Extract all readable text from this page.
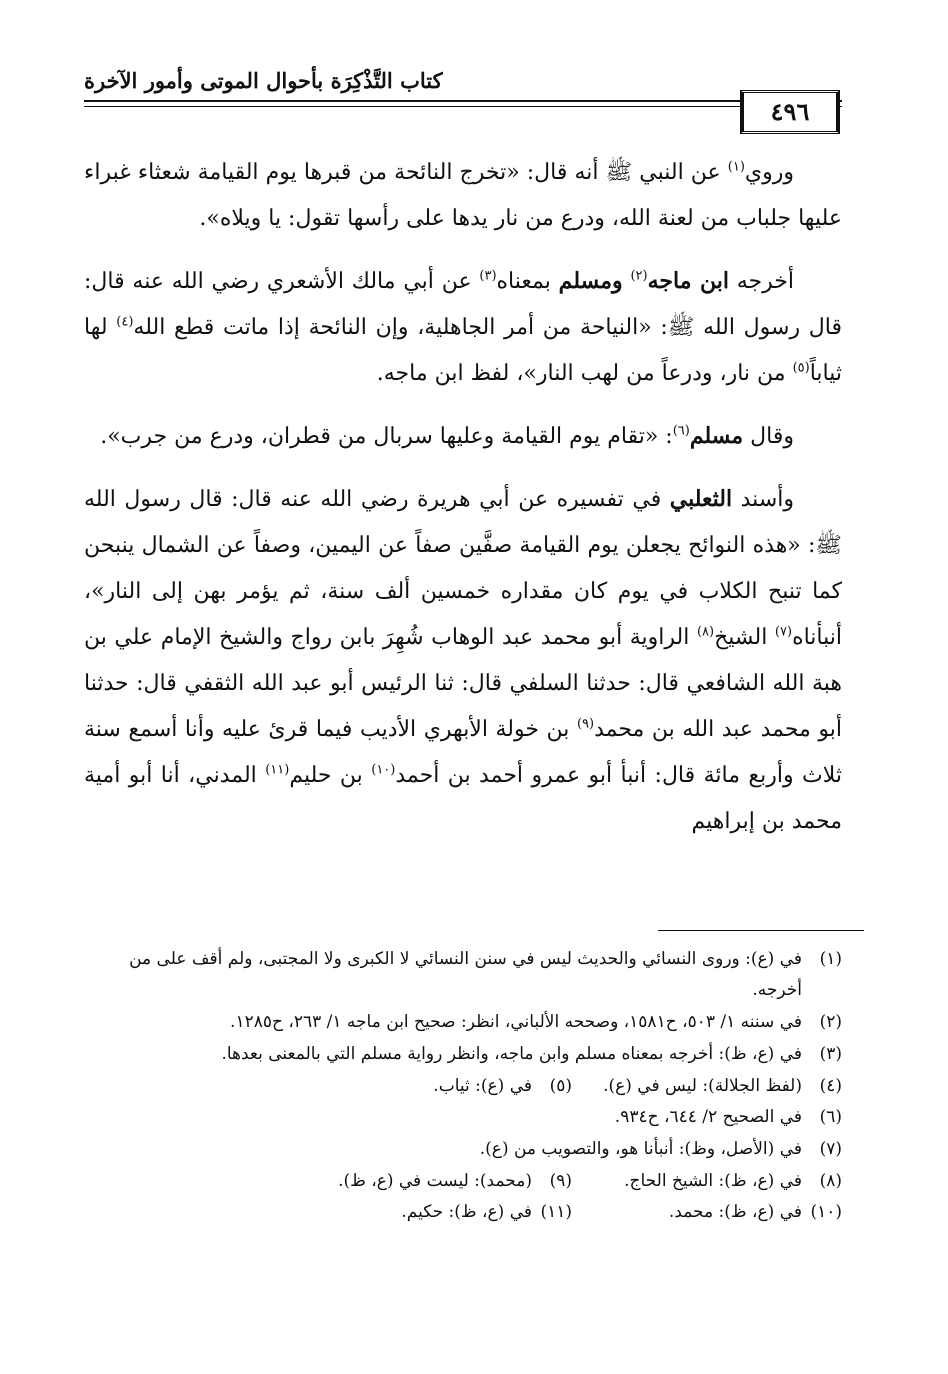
كتاب التَّذْكِرَة بأحوال الموتى وأمور الآخرة
٤٩٦

وروي$^{(١)}$ عن النبي ﷺ أنه قال: «تخرج النائحة من قبرها يوم القيامة شعثاء غبراء عليها جلباب من لعنة الله، ودرع من نار يدها على رأسها تقول: يا ويلاه».

أخرجه ابن ماجه$^{(٢)}$ ومسلم بمعناه$^{(٣)}$ عن أبي مالك الأشعري رضي الله عنه قال: قال رسول الله ﷺ: «النياحة من أمر الجاهلية، وإن النائحة إذا ماتت قطع الله$^{(٤)}$ لها ثياباً$^{(٥)}$ من نار، ودرعاً من لهب النار»، لفظ ابن ماجه.

وقال مسلم$^{(٦)}$: «تقام يوم القيامة وعليها سربال من قطران، ودرع من جرب».

وأسند الثعلبي في تفسيره عن أبي هريرة رضي الله عنه قال: قال رسول الله ﷺ: «هذه النوائح يجعلن يوم القيامة صفَّين صفاً عن اليمين، وصفاً عن الشمال ينبحن كما تنبح الكلاب في يوم كان مقداره خمسين ألف سنة، ثم يؤمر بهن إلى النار»، أنبأناه$^{(٧)}$ الشيخ$^{(٨)}$ الراوية أبو محمد عبد الوهاب شُهِرَ بابن رواج والشيخ الإمام علي بن هبة الله الشافعي قال: حدثنا السلفي قال: ثنا الرئيس أبو عبد الله الثقفي قال: حدثنا أبو محمد عبد الله بن محمد$^{(٩)}$ بن خولة الأبهري الأديب فيما قرئ عليه وأنا أسمع سنة ثلاث وأربع مائة قال: أنبأ أبو عمرو أحمد بن أحمد$^{(١٠)}$ بن حليم$^{(١١)}$ المدني، أنا أبو أمية محمد بن إبراهيم

(١)
في (ع): وروى النسائي والحديث ليس في سنن النسائي لا الكبرى ولا المجتبى، ولم أقف على من أخرجه.
(٢)
في سننه ١/ ٥٠٣، ح١٥٨١، وصححه الألباني، انظر: صحيح ابن ماجه ١/ ٢٦٣، ح١٢٨٥.
(٣)
في (ع، ظ): أخرجه بمعناه مسلم وابن ماجه، وانظر رواية مسلم التي بالمعنى بعدها.
(٤)
(لفظ الجلالة): ليس في (ع).
(٥)
في (ع): ثياب.
(٦)
في الصحيح ٢/ ٦٤٤، ح٩٣٤.
(٧)
في (الأصل، وظ): أنبأنا هو، والتصويب من (ع).
(٨)
في (ع، ظ): الشيخ الحاج.
(٩)
(محمد): ليست في (ع، ظ).
(١٠)
في (ع، ظ): محمد.
(١١)
في (ع، ظ): حكيم.
